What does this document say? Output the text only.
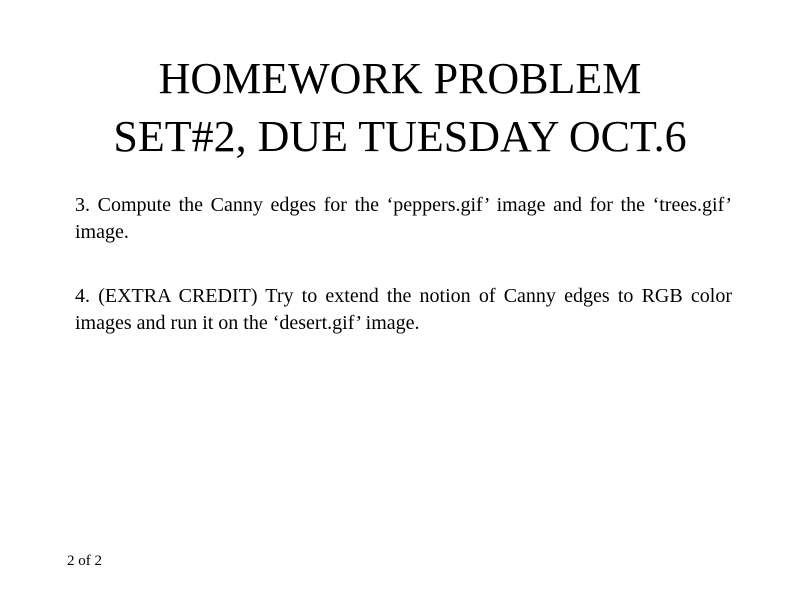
HOMEWORK PROBLEM
SET#2, DUE TUESDAY OCT.6

3. Compute the Canny edges for the ‘peppers.gif’ image and for the ‘trees.gif’ image.

4. (EXTRA CREDIT) Try to extend the notion of Canny edges to RGB color images and run it on the ‘desert.gif’ image.

2 of 2
